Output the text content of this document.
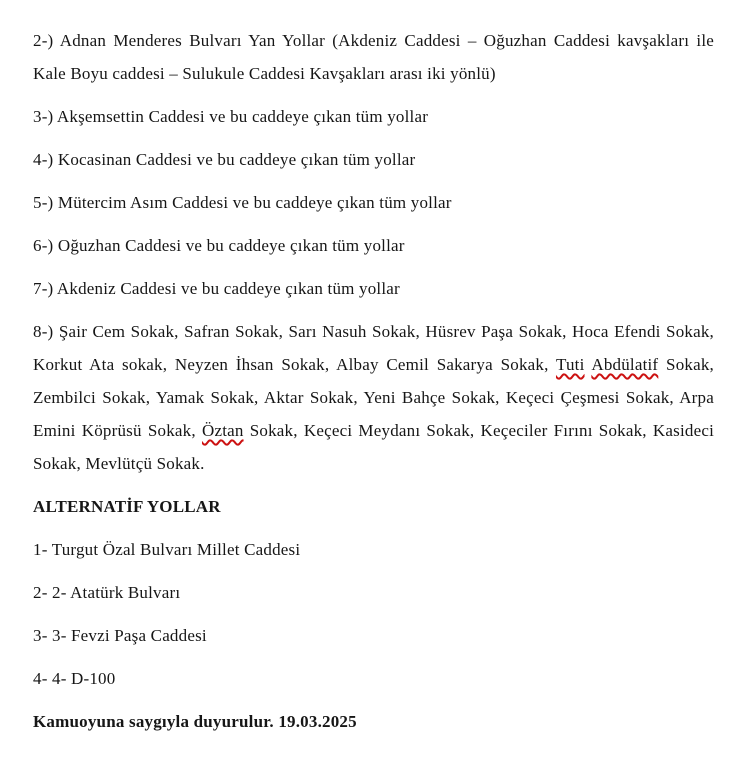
2-) Adnan Menderes Bulvarı Yan Yollar (Akdeniz Caddesi – Oğuzhan Caddesi kavşakları ile
Kale Boyu caddesi – Sulukule Caddesi Kavşakları arası iki yönlü)
3-) Akşemsettin Caddesi ve bu caddeye çıkan tüm yollar
4-) Kocasinan Caddesi ve bu caddeye çıkan tüm yollar
5-) Mütercim Asım Caddesi ve bu caddeye çıkan tüm yollar
6-) Oğuzhan Caddesi ve bu caddeye çıkan tüm yollar
7-) Akdeniz Caddesi ve bu caddeye çıkan tüm yollar
8-) Şair Cem Sokak, Safran Sokak, Sarı Nasuh Sokak, Hüsrev Paşa Sokak, Hoca Efendi Sokak,
Korkut Ata sokak, Neyzen İhsan Sokak, Albay Cemil Sakarya Sokak, Tuti Abdülatif Sokak,
Zembilci Sokak, Yamak Sokak, Aktar Sokak, Yeni Bahçe Sokak, Keçeci Çeşmesi Sokak, Arpa
Emini Köprüsü Sokak, Öztan Sokak, Keçeci Meydanı Sokak, Keçeciler Fırını Sokak, Kasideci
Sokak, Mevlütçü Sokak.
ALTERNATİF YOLLAR
1- Turgut Özal Bulvarı Millet Caddesi
2- 2- Atatürk Bulvarı
3- 3- Fevzi Paşa Caddesi
4- 4- D-100
Kamuoyuna saygıyla duyurulur. 19.03.2025
